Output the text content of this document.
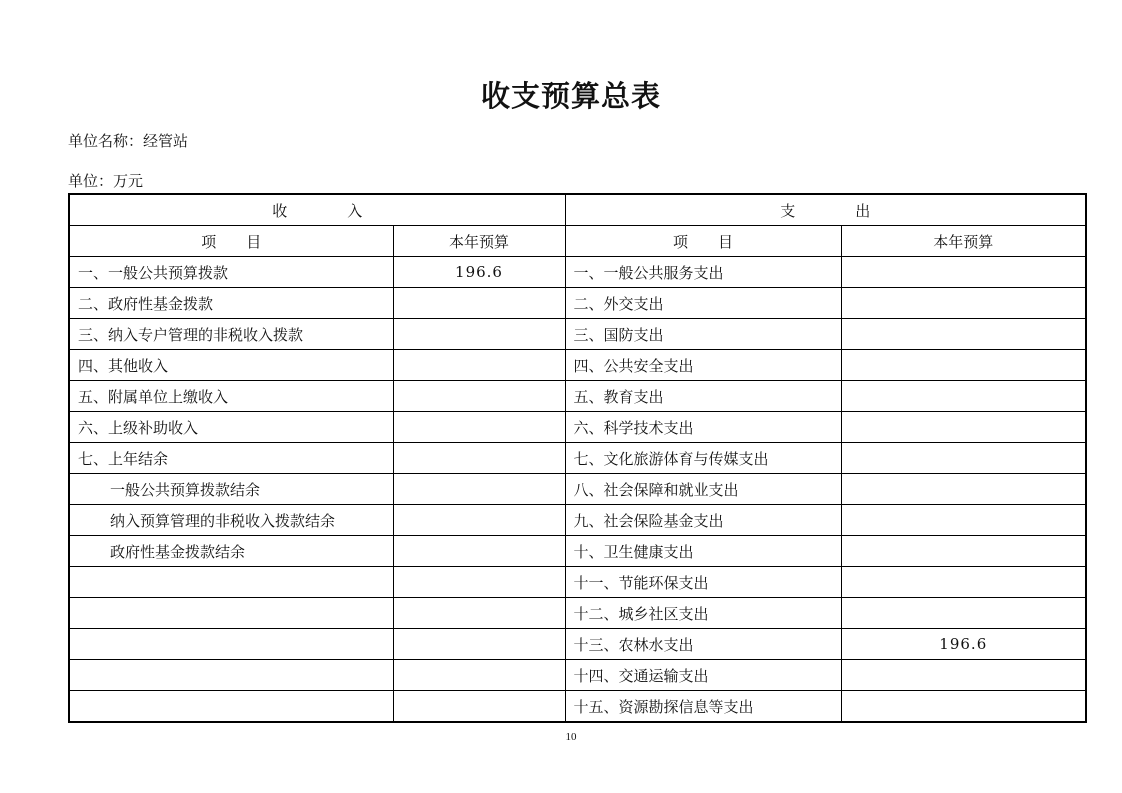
收支预算总表
单位名称：经管站
单位：万元
收　　　　入		支　　　　出	
项　　目	本年预算	项　　目	本年预算
一、一般公共预算拨款	196.6	一、一般公共服务支出	
二、政府性基金拨款		二、外交支出	
三、纳入专户管理的非税收入拨款		三、国防支出	
四、其他收入		四、公共安全支出	
五、附属单位上缴收入		五、教育支出	
六、上级补助收入		六、科学技术支出	
七、上年结余		七、文化旅游体育与传媒支出	
一般公共预算拨款结余		八、社会保障和就业支出	
纳入预算管理的非税收入拨款结余		九、社会保险基金支出	
政府性基金拨款结余		十、卫生健康支出	
		十一、节能环保支出	
		十二、城乡社区支出	
		十三、农林水支出	196.6
		十四、交通运输支出	
		十五、资源勘探信息等支出	
10
